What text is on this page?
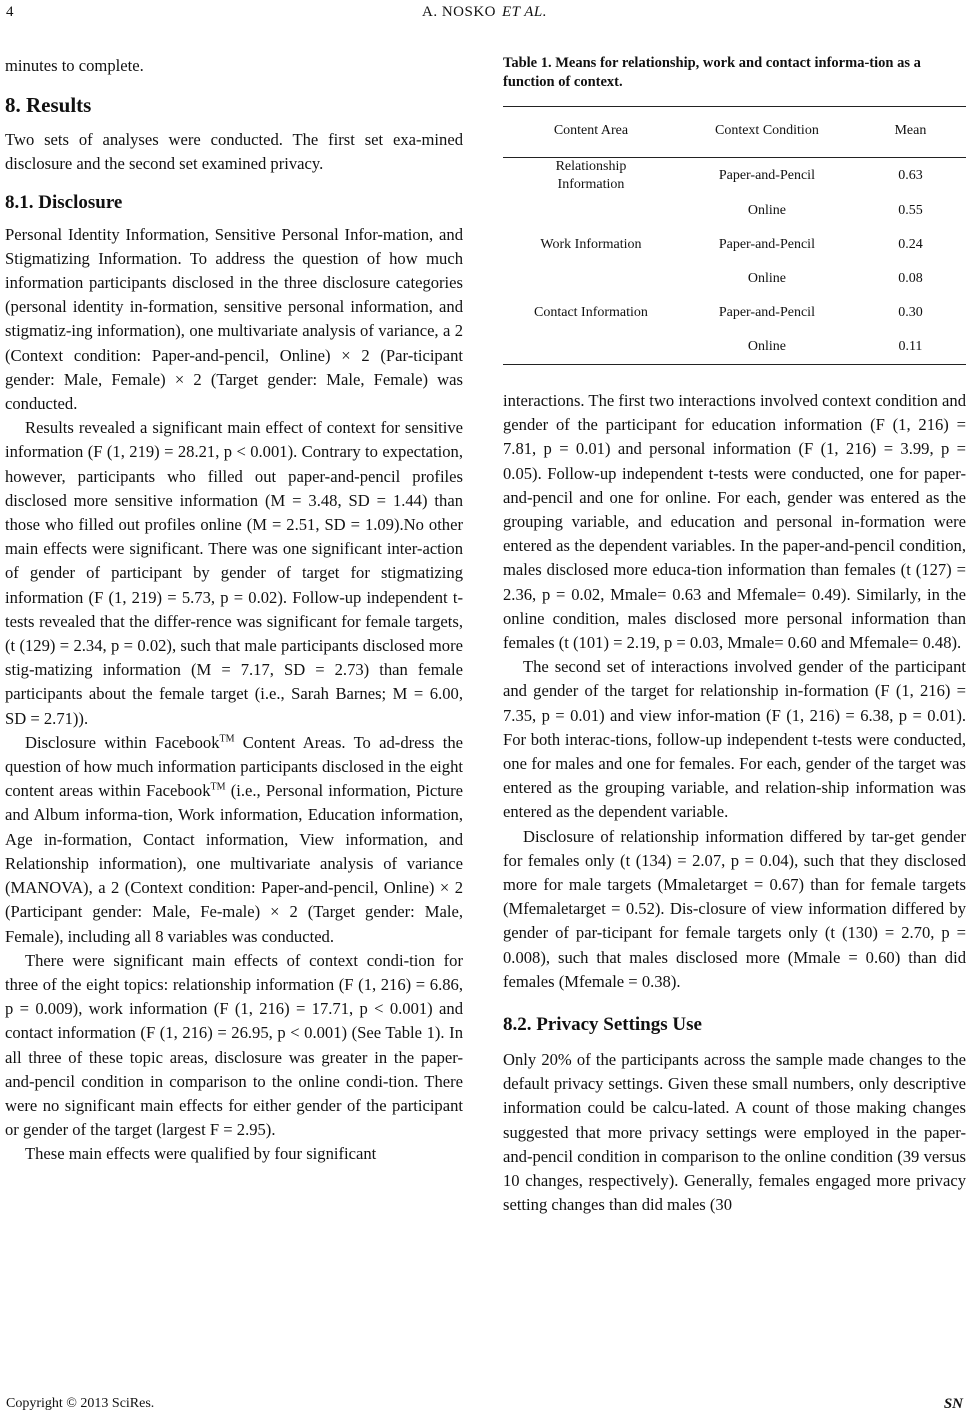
4	A. NOSKO ET AL.

minutes to complete.

8. Results

Two sets of analyses were conducted. The first set exa-mined disclosure and the second set examined privacy.

8.1. Disclosure

Personal Identity Information, Sensitive Personal Infor-mation, and Stigmatizing Information. To address the question of how much information participants disclosed in the three disclosure categories (personal identity in-formation, sensitive personal information, and stigmatiz-ing information), one multivariate analysis of variance, a 2 (Context condition: Paper-and-pencil, Online) × 2 (Par-ticipant gender: Male, Female) × 2 (Target gender: Male, Female) was conducted.

Results revealed a significant main effect of context for sensitive information (F (1, 219) = 28.21, p < 0.001). Contrary to expectation, however, participants who filled out paper-and-pencil profiles disclosed more sensitive information (M = 3.48, SD = 1.44) than those who filled out profiles online (M = 2.51, SD = 1.09).No other main effects were significant. There was one significant inter-action of gender of participant by gender of target for stigmatizing information (F (1, 219) = 5.73, p = 0.02). Follow-up independent t-tests revealed that the differ-rence was significant for female targets, (t (129) = 2.34, p = 0.02), such that male participants disclosed more stig-matizing information (M = 7.17, SD = 2.73) than female participants about the female target (i.e., Sarah Barnes; M = 6.00, SD = 2.71)).

Disclosure within Facebook™ Content Areas. To ad-dress the question of how much information participants disclosed in the eight content areas within Facebook™ (i.e., Personal information, Picture and Album informa-tion, Work information, Education information, Age in-formation, Contact information, View information, and Relationship information), one multivariate analysis of variance (MANOVA), a 2 (Context condition: Paper-and-pencil, Online) × 2 (Participant gender: Male, Fe-male) × 2 (Target gender: Male, Female), including all 8 variables was conducted.

There were significant main effects of context condi-tion for three of the eight topics: relationship information (F (1, 216) = 6.86, p = 0.009), work information (F (1, 216) = 17.71, p < 0.001) and contact information (F (1, 216) = 26.95, p < 0.001) (See Table 1). In all three of these topic areas, disclosure was greater in the paper-and-pencil condition in comparison to the online condi-tion. There were no significant main effects for either gender of the participant or gender of the target (largest F = 2.95).

These main effects were qualified by four significant

Table 1. Means for relationship, work and contact informa-tion as a function of context.

Content Area	Context Condition	Mean
Relationship Information	Paper-and-Pencil	0.63
	Online	0.55
Work Information	Paper-and-Pencil	0.24
	Online	0.08
Contact Information	Paper-and-Pencil	0.30
	Online	0.11

interactions. The first two interactions involved context condition and gender of the participant for education information (F (1, 216) = 7.81, p = 0.01) and personal information (F (1, 216) = 3.99, p = 0.05). Follow-up independent t-tests were conducted, one for paper-and-pencil and one for online. For each, gender was entered as the grouping variable, and education and personal in-formation were entered as the dependent variables. In the paper-and-pencil condition, males disclosed more educa-tion information than females (t (127) = 2.36, p = 0.02, Mmale= 0.63 and Mfemale= 0.49). Similarly, in the online condition, males disclosed more personal information than females (t (101) = 2.19, p = 0.03, Mmale= 0.60 and Mfemale= 0.48).

The second set of interactions involved gender of the participant and gender of the target for relationship in-formation (F (1, 216) = 7.35, p = 0.01) and view infor-mation (F (1, 216) = 6.38, p = 0.01). For both interac-tions, follow-up independent t-tests were conducted, one for males and one for females. For each, gender of the target was entered as the grouping variable, and relation-ship information was entered as the dependent variable.

Disclosure of relationship information differed by tar-get gender for females only (t (134) = 2.07, p = 0.04), such that they disclosed more for male targets (Mmaletarget = 0.67) than for female targets (Mfemaletarget = 0.52). Dis-closure of view information differed by gender of par-ticipant for female targets only (t (130) = 2.70, p = 0.008), such that males disclosed more (Mmale = 0.60) than did females (Mfemale = 0.38).

8.2. Privacy Settings Use

Only 20% of the participants across the sample made changes to the default privacy settings. Given these small numbers, only descriptive information could be calcu-lated. A count of those making changes suggested that more privacy settings were employed in the paper-and-pencil condition in comparison to the online condition (39 versus 10 changes, respectively). Generally, females engaged more privacy setting changes than did males (30

Copyright © 2013 SciRes.	SN
